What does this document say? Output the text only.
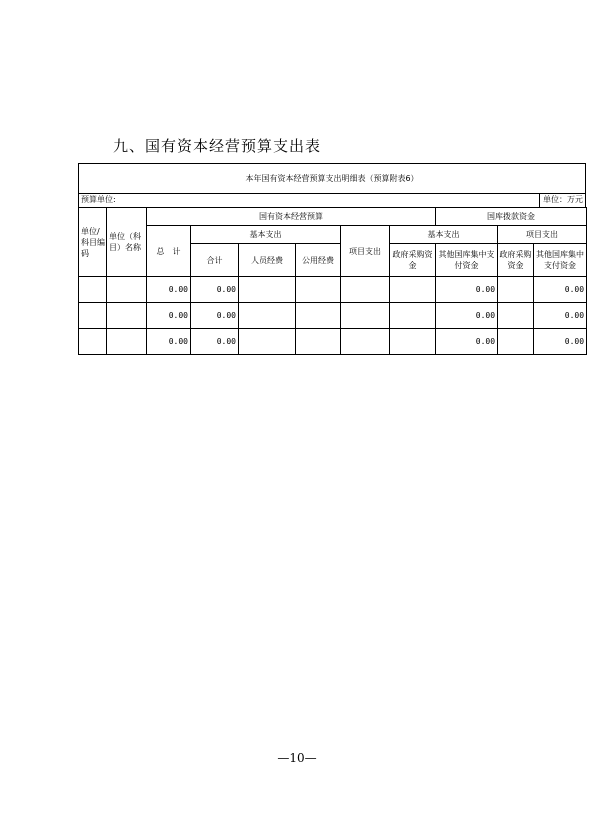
九、国有资本经营预算支出表
本年国有资本经营预算支出明细表（预算附表6）
预算单位:	单位：万元
单位/科目编码	单位（科目）名称	国有资本经营预算						国库拨款资金		
		总　计	基本支出			项目支出	基本支出		项目支出	
			合计	人员经费	公用经费		政府采购资金	其他国库集中支付资金	政府采购资金	其他国库集中支付资金
		0.00	0.00					0.00		0.00
		0.00	0.00					0.00		0.00
		0.00	0.00					0.00		0.00
—10—
